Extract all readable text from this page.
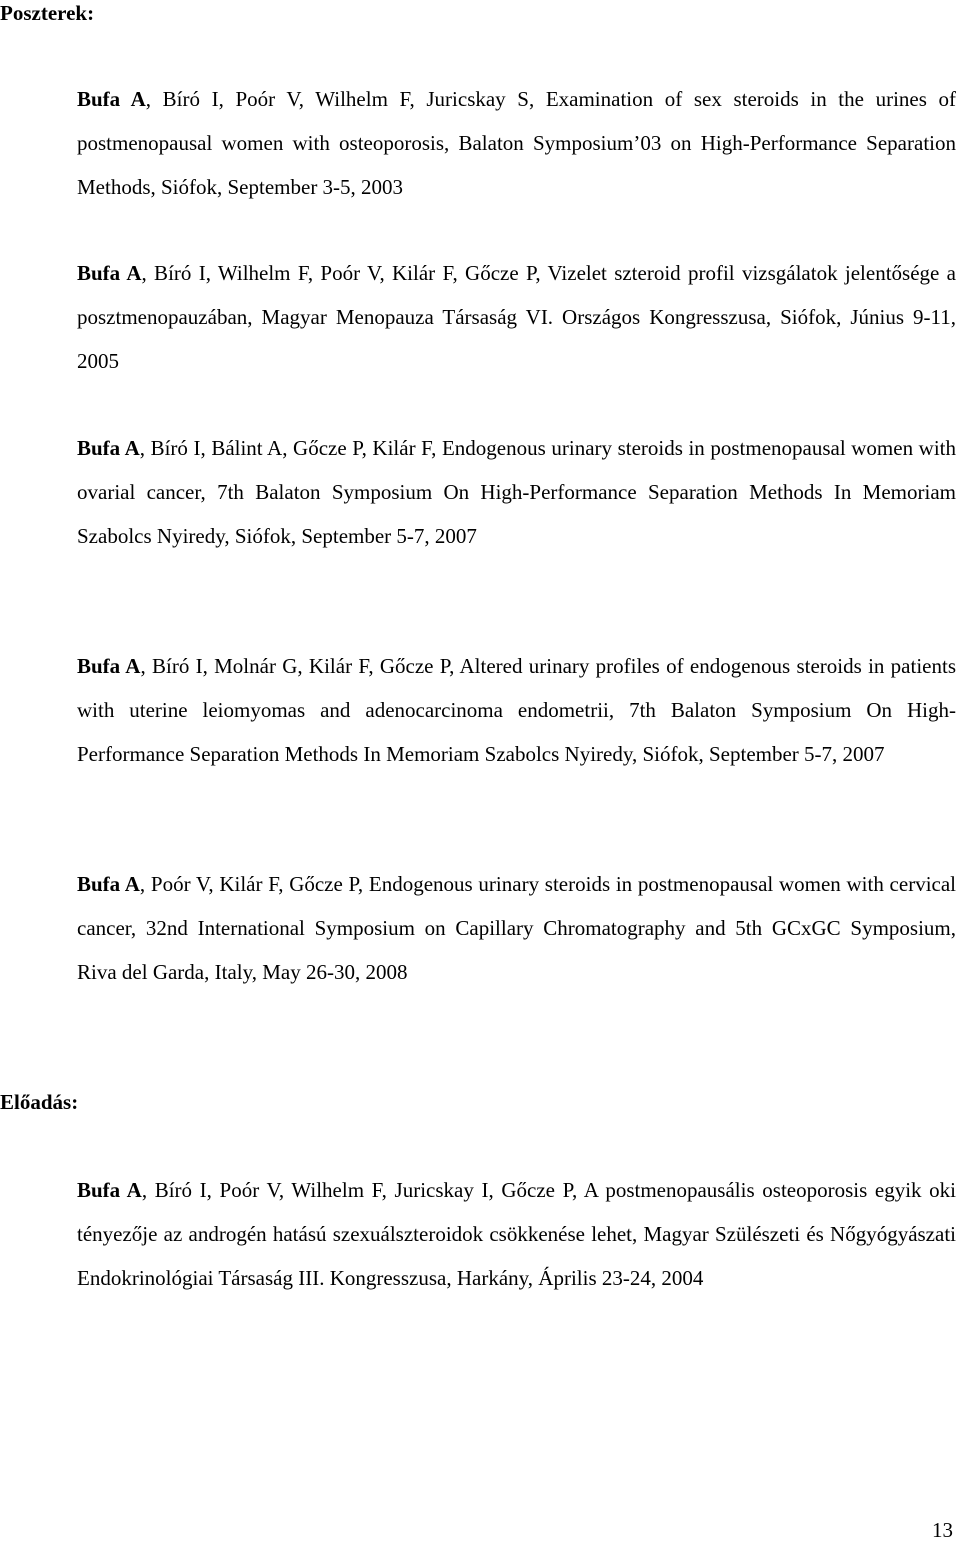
Poszterek:

Bufa A, Bíró I, Poór V, Wilhelm F, Juricskay S, Examination of sex steroids in the urines of postmenopausal women with osteoporosis, Balaton Symposium’03 on High-Performance Separation Methods, Siófok, September 3-5, 2003

Bufa A, Bíró I, Wilhelm F, Poór V, Kilár F, Gőcze P, Vizelet szteroid profil vizsgálatok jelentősége a posztmenopauzában, Magyar Menopauza Társaság VI. Országos Kongresszusa, Siófok, Június 9-11, 2005

Bufa A, Bíró I, Bálint A, Gőcze P, Kilár F, Endogenous urinary steroids in postmenopausal women with ovarial cancer, 7th Balaton Symposium On High-Performance Separation Methods In Memoriam Szabolcs Nyiredy, Siófok, September 5-7, 2007

Bufa A, Bíró I, Molnár G, Kilár F, Gőcze P, Altered urinary profiles of endogenous steroids in patients with uterine leiomyomas and adenocarcinoma endometrii, 7th Balaton Symposium On High-Performance Separation Methods In Memoriam Szabolcs Nyiredy, Siófok, September 5-7, 2007

Bufa A, Poór V, Kilár F, Gőcze P, Endogenous urinary steroids in postmenopausal women with cervical cancer, 32nd International Symposium on Capillary Chromatography and 5th GCxGC Symposium, Riva del Garda, Italy, May 26-30, 2008

Előadás:

Bufa A, Bíró I, Poór V, Wilhelm F, Juricskay I, Gőcze P, A postmenopausális osteoporosis egyik oki tényezője az androgén hatású szexuálszteroidok csökkenése lehet, Magyar Szülészeti és Nőgyógyászati Endokrinológiai Társaság III. Kongresszusa, Harkány, Április 23-24, 2004

13
